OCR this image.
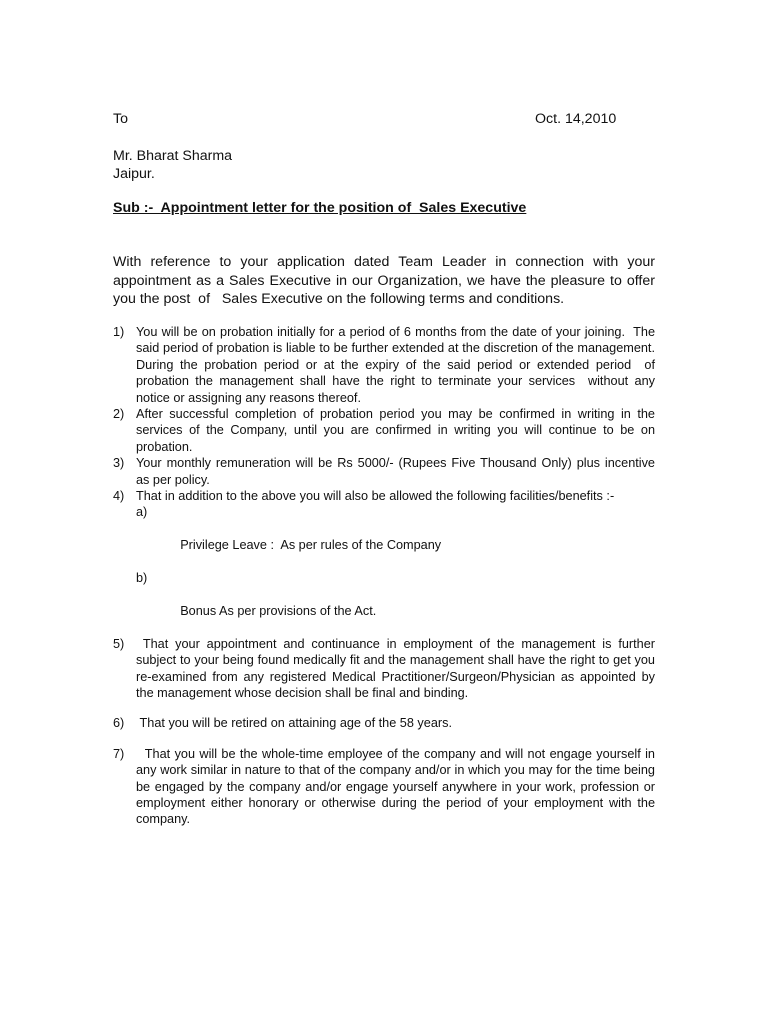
To	Oct. 14,2010
Mr. Bharat Sharma
Jaipur.
Sub :-  Appointment letter for the position of  Sales Executive
With reference to your application dated Team Leader in connection with your appointment as a Sales Executive in our Organization, we have the pleasure to offer you the post  of   Sales Executive on the following terms and conditions.
1) You will be on probation initially for a period of 6 months from the date of your joining.  The said period of probation is liable to be further extended at the discretion of the management.  During the probation period or at the expiry of the said period or extended period  of probation the management shall have the right to terminate your services  without any notice or assigning any reasons thereof.
2) After successful completion of probation period you may be confirmed in writing in the services of the Company, until you are confirmed in writing you will continue to be on probation.
3) Your monthly remuneration will be Rs 5000/- (Rupees Five Thousand Only) plus incentive as per policy.
4) That in addition to the above you will also be allowed the following facilities/benefits :-

a)

Privilege Leave :  As per rules of the Company

b)

Bonus As per provisions of the Act.

5) That your appointment and continuance in employment of the management is further subject to your being found medically fit and the management shall have the right to get you re-examined from any registered Medical Practitioner/Surgeon/Physician as appointed by the management whose decision shall be final and binding.
6) That you will be retired on attaining age of the 58 years.
7) That you will be the whole-time employee of the company and will not engage yourself in any work similar in nature to that of the company and/or in which you may for the time being be engaged by the company and/or engage yourself anywhere in your work, profession or employment either honorary or otherwise during the period of your employment with the company.
